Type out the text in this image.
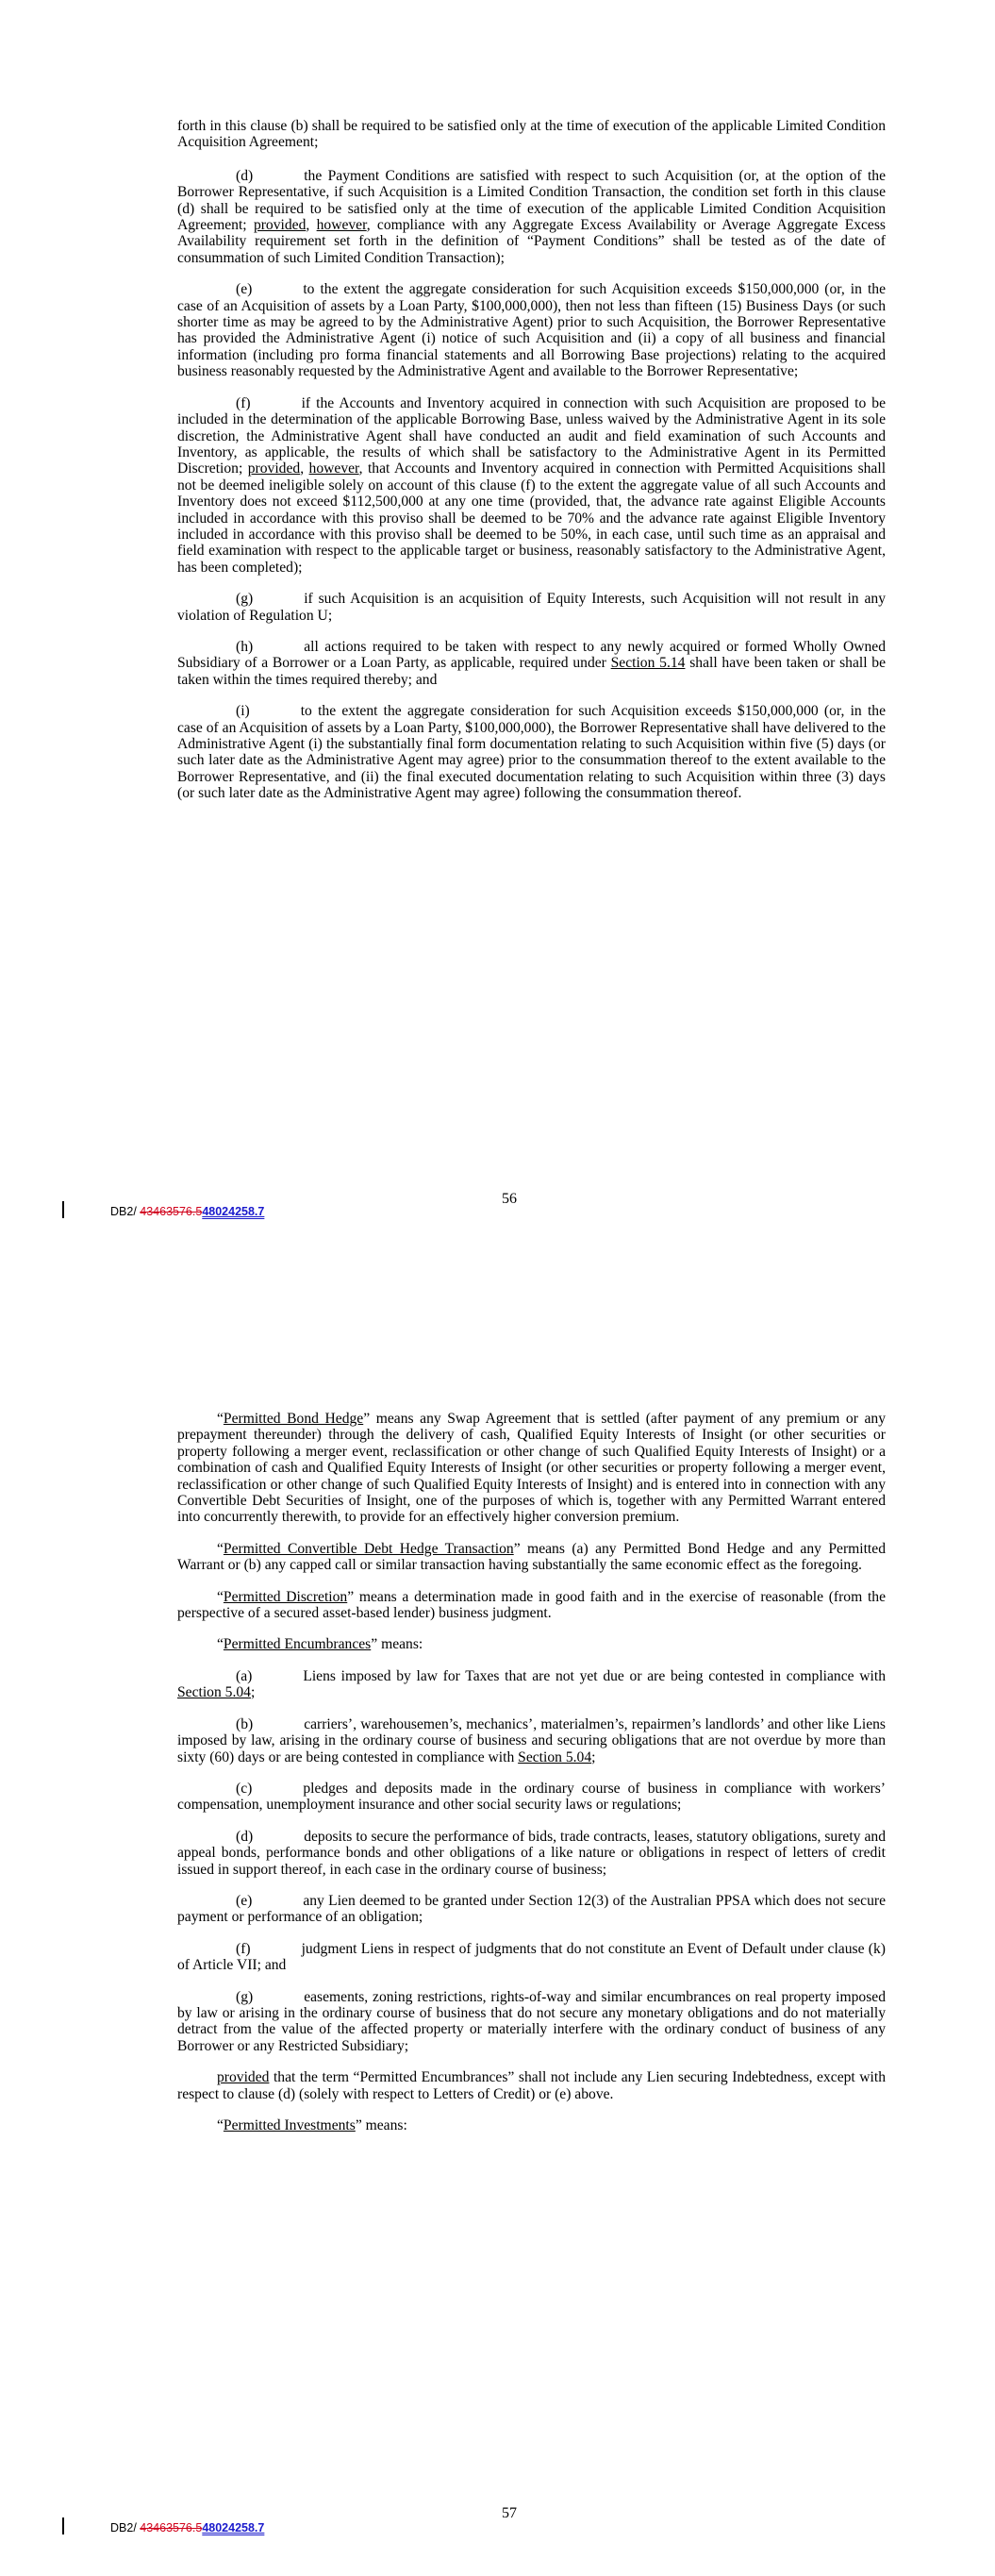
forth in this clause (b) shall be required to be satisfied only at the time of execution of the applicable Limited Condition Acquisition Agreement;

(d)	the Payment Conditions are satisfied with respect to such Acquisition (or, at the option of the Borrower Representative, if such Acquisition is a Limited Condition Transaction, the condition set forth in this clause (d) shall be required to be satisfied only at the time of execution of the applicable Limited Condition Acquisition Agreement; provided, however, compliance with any Aggregate Excess Availability or Average Aggregate Excess Availability requirement set forth in the definition of “Payment Conditions” shall be tested as of the date of consummation of such Limited Condition Transaction);

(e)	to the extent the aggregate consideration for such Acquisition exceeds $150,000,000 (or, in the case of an Acquisition of assets by a Loan Party, $100,000,000), then not less than fifteen (15) Business Days (or such shorter time as may be agreed to by the Administrative Agent) prior to such Acquisition, the Borrower Representative has provided the Administrative Agent (i) notice of such Acquisition and (ii) a copy of all business and financial information (including pro forma financial statements and all Borrowing Base projections) relating to the acquired business reasonably requested by the Administrative Agent and available to the Borrower Representative;

(f)	if the Accounts and Inventory acquired in connection with such Acquisition are proposed to be included in the determination of the applicable Borrowing Base, unless waived by the Administrative Agent in its sole discretion, the Administrative Agent shall have conducted an audit and field examination of such Accounts and Inventory, as applicable, the results of which shall be satisfactory to the Administrative Agent in its Permitted Discretion; provided, however, that Accounts and Inventory acquired in connection with Permitted Acquisitions shall not be deemed ineligible solely on account of this clause (f) to the extent the aggregate value of all such Accounts and Inventory does not exceed $112,500,000 at any one time (provided, that, the advance rate against Eligible Accounts included in accordance with this proviso shall be deemed to be 70% and the advance rate against Eligible Inventory included in accordance with this proviso shall be deemed to be 50%, in each case, until such time as an appraisal and field examination with respect to the applicable target or business, reasonably satisfactory to the Administrative Agent, has been completed);

(g)	if such Acquisition is an acquisition of Equity Interests, such Acquisition will not result in any violation of Regulation U;

(h)	all actions required to be taken with respect to any newly acquired or formed Wholly Owned Subsidiary of a Borrower or a Loan Party, as applicable, required under Section 5.14 shall have been taken or shall be taken within the times required thereby; and

(i)	to the extent the aggregate consideration for such Acquisition exceeds $150,000,000 (or, in the case of an Acquisition of assets by a Loan Party, $100,000,000), the Borrower Representative shall have delivered to the Administrative Agent (i) the substantially final form documentation relating to such Acquisition within five (5) days (or such later date as the Administrative Agent may agree) prior to the consummation thereof to the extent available to the Borrower Representative, and (ii) the final executed documentation relating to such Acquisition within three (3) days (or such later date as the Administrative Agent may agree) following the consummation thereof.

56
DB2/ 43463576.548024258.7

“Permitted Bond Hedge” means any Swap Agreement that is settled (after payment of any premium or any prepayment thereunder) through the delivery of cash, Qualified Equity Interests of Insight (or other securities or property following a merger event, reclassification or other change of such Qualified Equity Interests of Insight) or a combination of cash and Qualified Equity Interests of Insight (or other securities or property following a merger event, reclassification or other change of such Qualified Equity Interests of Insight) and is entered into in connection with any Convertible Debt Securities of Insight, one of the purposes of which is, together with any Permitted Warrant entered into concurrently therewith, to provide for an effectively higher conversion premium.

“Permitted Convertible Debt Hedge Transaction” means (a) any Permitted Bond Hedge and any Permitted Warrant or (b) any capped call or similar transaction having substantially the same economic effect as the foregoing.

“Permitted Discretion” means a determination made in good faith and in the exercise of reasonable (from the perspective of a secured asset-based lender) business judgment.

“Permitted Encumbrances” means:

(a)	Liens imposed by law for Taxes that are not yet due or are being contested in compliance with Section 5.04;

(b)	carriers’, warehousemen’s, mechanics’, materialmen’s, repairmen’s landlords’ and other like Liens imposed by law, arising in the ordinary course of business and securing obligations that are not overdue by more than sixty (60) days or are being contested in compliance with Section 5.04;

(c)	pledges and deposits made in the ordinary course of business in compliance with workers’ compensation, unemployment insurance and other social security laws or regulations;

(d)	deposits to secure the performance of bids, trade contracts, leases, statutory obligations, surety and appeal bonds, performance bonds and other obligations of a like nature or obligations in respect of letters of credit issued in support thereof, in each case in the ordinary course of business;

(e)	any Lien deemed to be granted under Section 12(3) of the Australian PPSA which does not secure payment or performance of an obligation;

(f)	judgment Liens in respect of judgments that do not constitute an Event of Default under clause (k) of Article VII; and

(g)	easements, zoning restrictions, rights-of-way and similar encumbrances on real property imposed by law or arising in the ordinary course of business that do not secure any monetary obligations and do not materially detract from the value of the affected property or materially interfere with the ordinary conduct of business of any Borrower or any Restricted Subsidiary;

provided that the term “Permitted Encumbrances” shall not include any Lien securing Indebtedness, except with respect to clause (d) (solely with respect to Letters of Credit) or (e) above.

“Permitted Investments” means:

57
DB2/ 43463576.548024258.7
